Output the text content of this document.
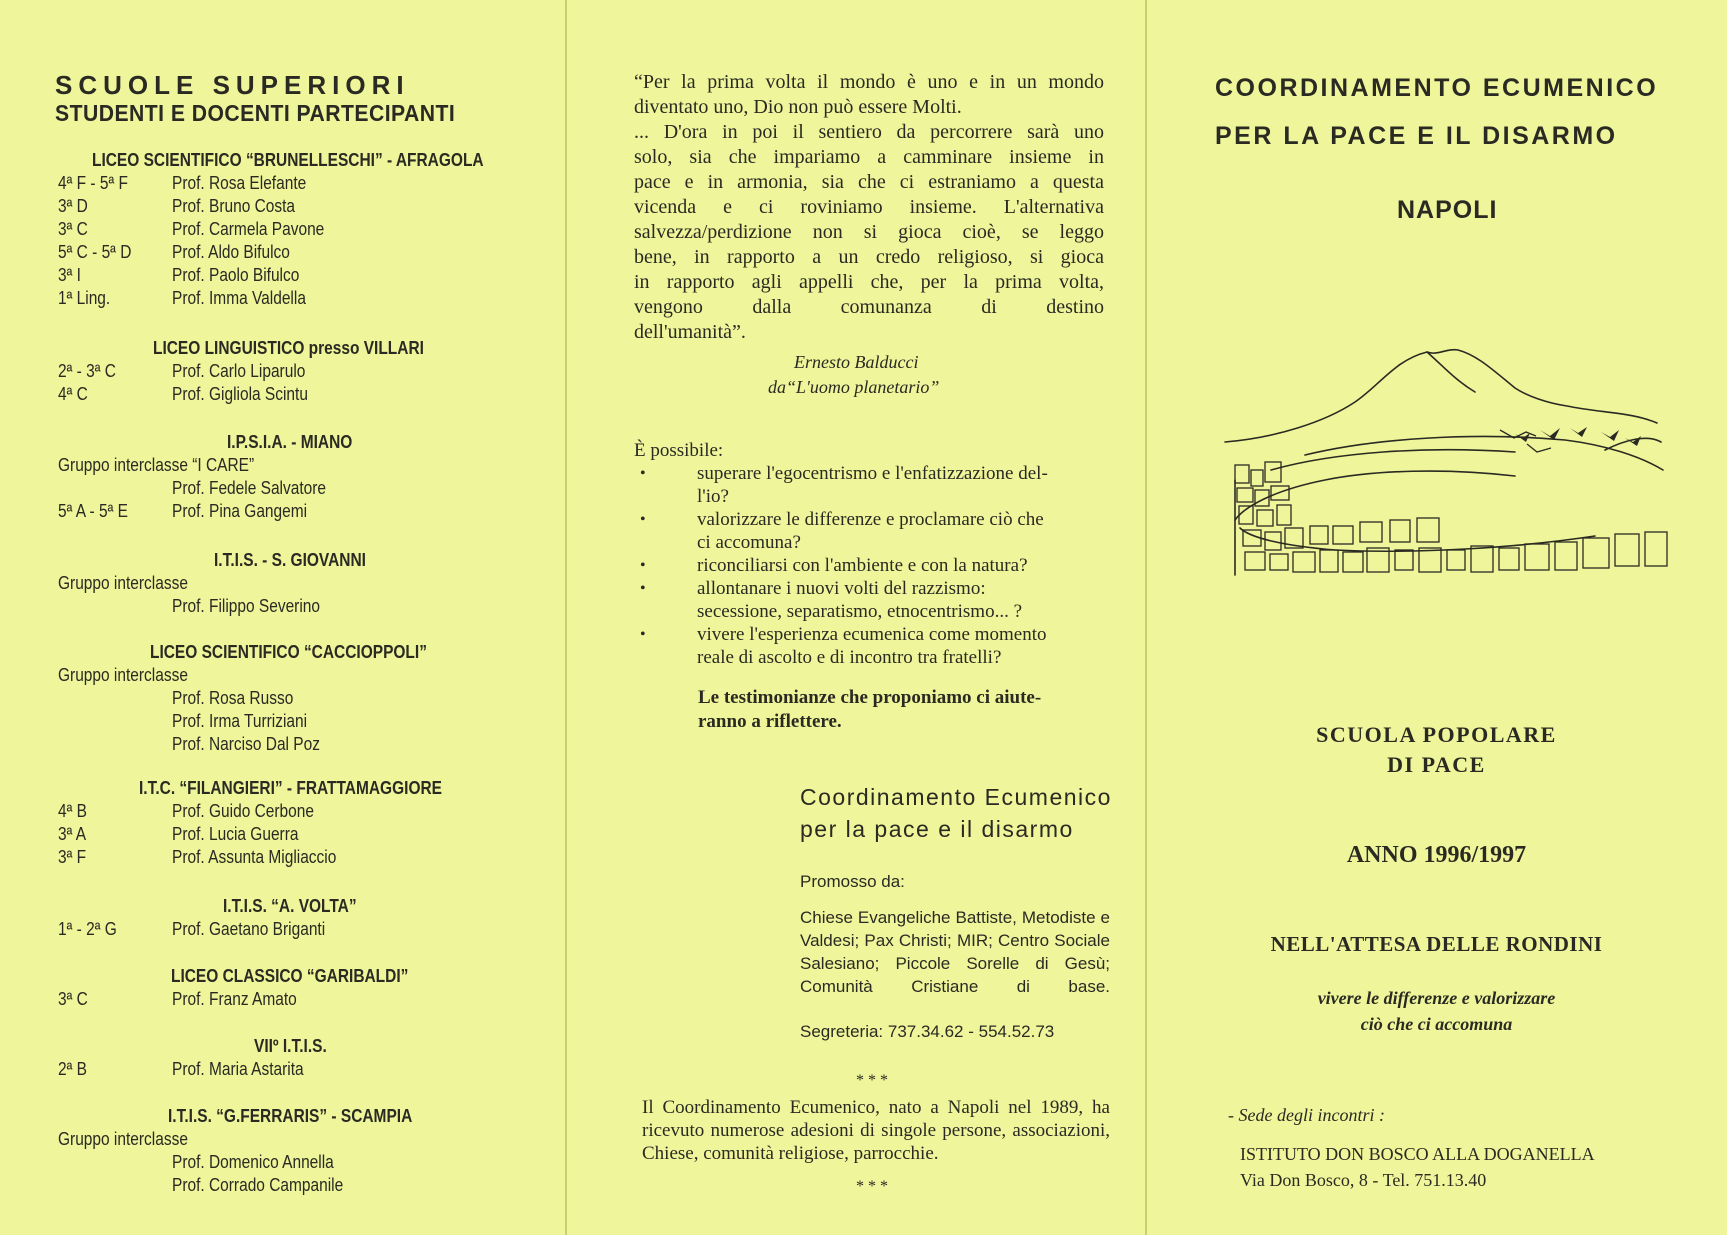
SCUOLE SUPERIORI
STUDENTI E DOCENTI PARTECIPANTI
LICEO SCIENTIFICO “BRUNELLESCHI” - AFRAGOLA
4ª F - 5ª F Prof. Rosa Elefante
3ª D	Prof. Bruno Costa
3ª C	Prof. Carmela Pavone
5ª C - 5ª D Prof. Aldo Bifulco
3ª I	Prof. Paolo Bifulco
1ª Ling.	Prof. Imma Valdella
LICEO LINGUISTICO presso VILLARI
2ª - 3ª C	Prof. Carlo Liparulo
4ª C	Prof. Gigliola Scintu
I.P.S.I.A. - MIANO
Gruppo interclasse “I CARE”
Prof. Fedele Salvatore
5ª A - 5ª E Prof. Pina Gangemi
I.T.I.S. - S. GIOVANNI
Gruppo interclasse
Prof. Filippo Severino
LICEO SCIENTIFICO “CACCIOPPOLI”
Gruppo interclasse
Prof. Rosa Russo
Prof. Irma Turriziani
Prof. Narciso Dal Poz
I.T.C. “FILANGIERI” - FRATTAMAGGIORE
4ª B	Prof. Guido Cerbone
3ª A	Prof. Lucia Guerra
3ª F	Prof. Assunta Migliaccio
I.T.I.S. “A. VOLTA”
1ª - 2ª G	Prof. Gaetano Briganti
LICEO CLASSICO “GARIBALDI”
3ª C	Prof. Franz Amato
VIIº I.T.I.S.
2ª B	Prof. Maria Astarita
I.T.I.S. “G.FERRARIS” - SCAMPIA
Gruppo interclasse
Prof. Domenico Annella
Prof. Corrado Campanile
“Per la prima volta il mondo è uno e in un mondo
diventato uno, Dio non può essere Molti.
... D'ora in poi il sentiero da percorrere sarà uno
solo, sia che impariamo a camminare insieme in
pace e in armonia, sia che ci estraniamo a questa
vicenda e ci roviniamo insieme. L'alternativa
salvezza/perdizione non si gioca cioè, se leggo
bene, in rapporto a un credo religioso, si gioca
in rapporto agli appelli che, per la prima volta,
vengono dalla comunanza di destino
dell'umanità”.
Ernesto Balducci
da“L'uomo planetario”
È possibile:
•	superare l'egocentrismo e l'enfatizzazione del-
l'io?
•	valorizzare le differenze e proclamare ciò che
ci accomuna?
•	riconciliarsi con l'ambiente e con la natura?
•	allontanare i nuovi volti del razzismo:
secessione, separatismo, etnocentrismo... ?
•	vivere l'esperienza ecumenica come momento
reale di ascolto e di incontro tra fratelli?
Le testimonianze che proponiamo ci aiute-
ranno a riflettere.
Coordinamento Ecumenico
per la pace e il disarmo
Promosso da:
Chiese Evangeliche Battiste, Metodiste e Valdesi; Pax Christi; MIR; Centro Sociale Salesiano; Piccole Sorelle di Gesù; Comunità Cristiane di base.
Segreteria: 737.34.62 - 554.52.73
***
Il Coordinamento Ecumenico, nato a Napoli nel 1989, ha ricevuto numerose adesioni di singole persone, associazioni, Chiese, comunità religiose, parrocchie.
***
COORDINAMENTO ECUMENICO
PER LA PACE E IL DISARMO
NAPOLI
SCUOLA POPOLARE
DI PACE
ANNO 1996/1997
NELL'ATTESA DELLE RONDINI
vivere le differenze e valorizzare
ciò che ci accomuna
- Sede degli incontri :
ISTITUTO DON BOSCO ALLA DOGANELLA
Via Don Bosco, 8 - Tel. 751.13.40
